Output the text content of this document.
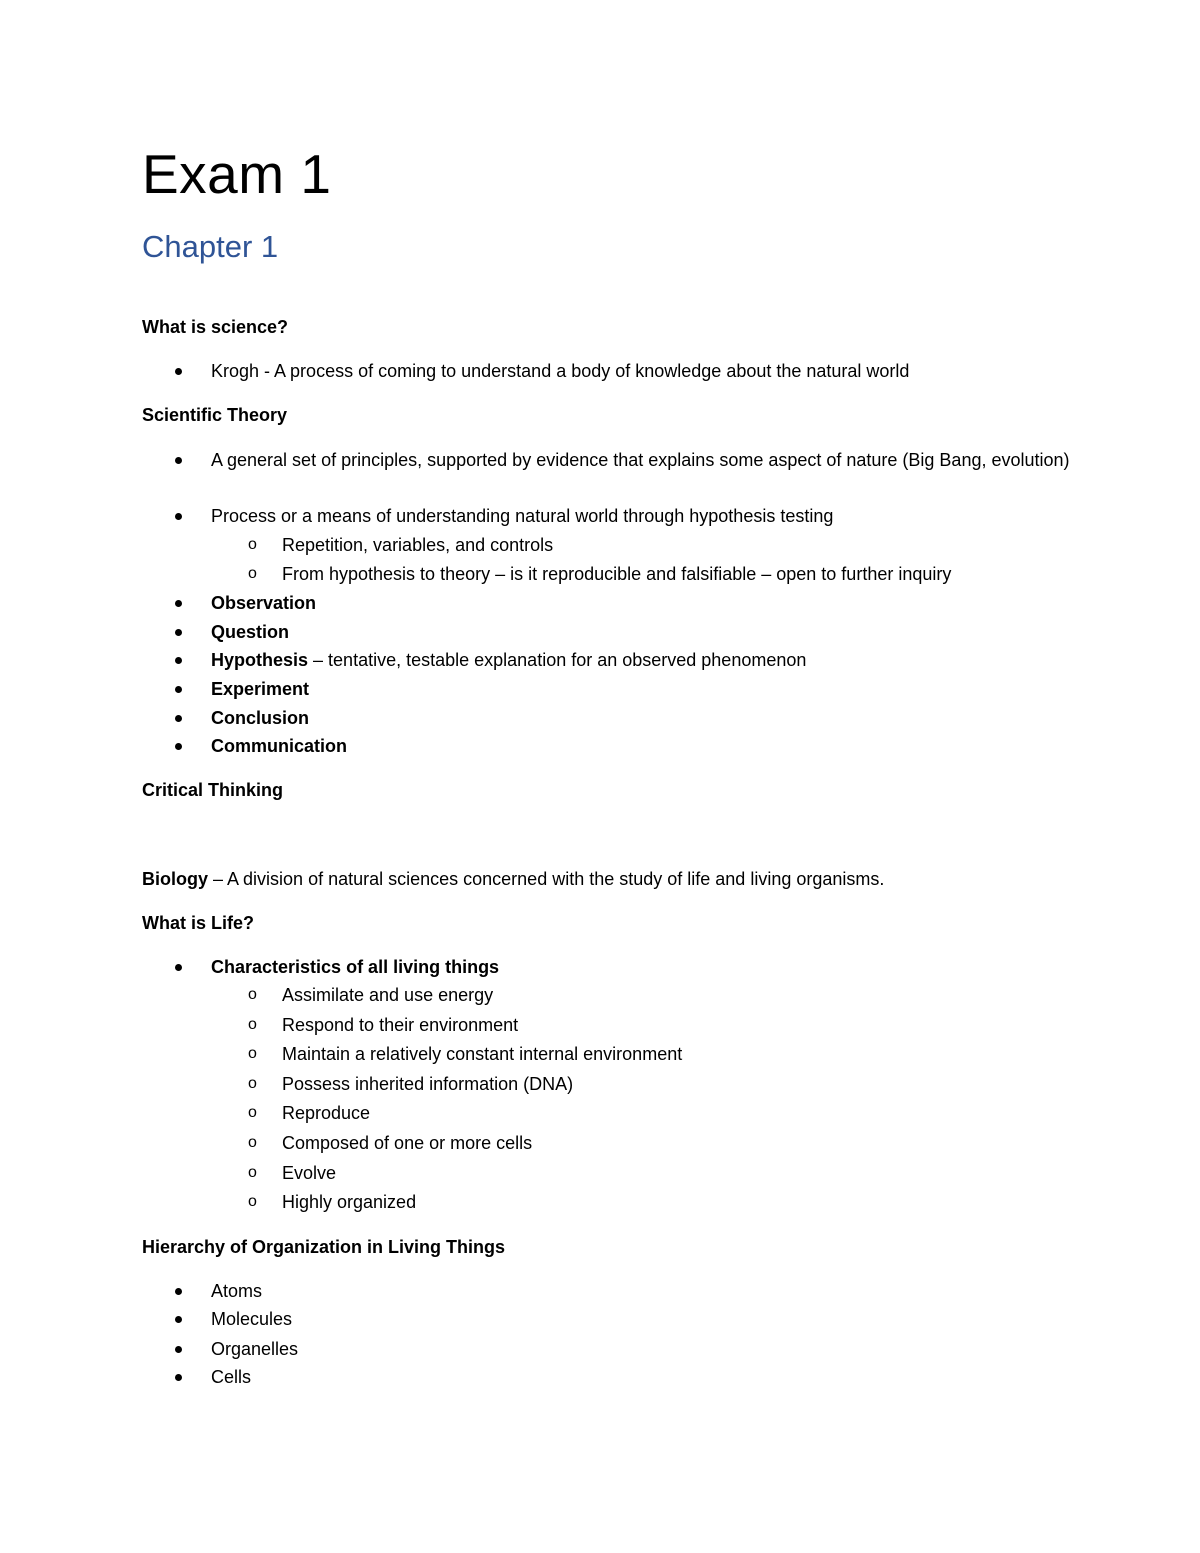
Exam 1
Chapter 1
What is science?
Krogh - A process of coming to understand a body of knowledge about the natural world
Scientific Theory
A general set of principles, supported by evidence that explains some aspect of nature (Big Bang, evolution)
Process or a means of understanding natural world through hypothesis testing
o Repetition, variables, and controls
o From hypothesis to theory – is it reproducible and falsifiable – open to further inquiry
Observation
Question
Hypothesis – tentative, testable explanation for an observed phenomenon
Experiment
Conclusion
Communication
Critical Thinking
Biology – A division of natural sciences concerned with the study of life and living organisms.
What is Life?
Characteristics of all living things
o Assimilate and use energy
o Respond to their environment
o Maintain a relatively constant internal environment
o Possess inherited information (DNA)
o Reproduce
o Composed of one or more cells
o Evolve
o Highly organized
Hierarchy of Organization in Living Things
Atoms
Molecules
Organelles
Cells
